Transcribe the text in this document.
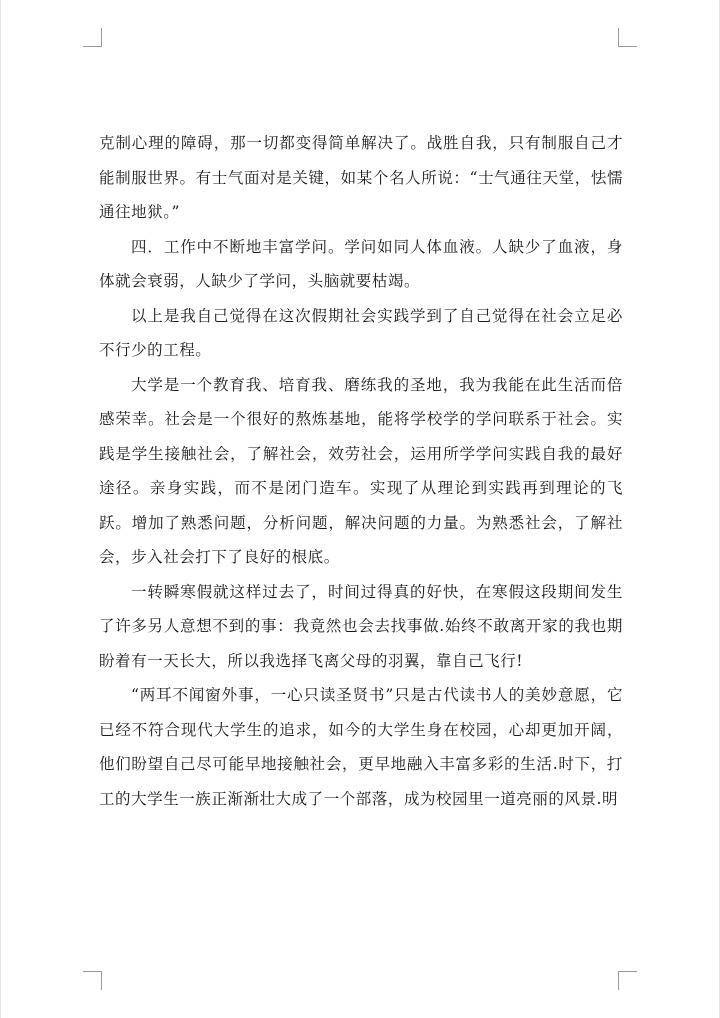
克制心理的障碍，那一切都变得简单解决了。战胜自我，只有制服自己才能制服世界。有士气面对是关键，如某个名人所说：“士气通往天堂，怯懦通往地狱。”

四．工作中不断地丰富学问。学问如同人体血液。人缺少了血液，身体就会衰弱，人缺少了学问，头脑就要枯竭。

以上是我自己觉得在这次假期社会实践学到了自己觉得在社会立足必不行少的工程。

大学是一个教育我、培育我、磨练我的圣地，我为我能在此生活而倍感荣幸。社会是一个很好的熬炼基地，能将学校学的学问联系于社会。实践是学生接触社会，了解社会，效劳社会，运用所学学问实践自我的最好途径。亲身实践，而不是闭门造车。实现了从理论到实践再到理论的飞跃。增加了熟悉问题，分析问题，解决问题的力量。为熟悉社会，了解社会，步入社会打下了良好的根底。

一转瞬寒假就这样过去了，时间过得真的好快，在寒假这段期间发生了许多另人意想不到的事：我竟然也会去找事做.始终不敢离开家的我也期盼着有一天长大，所以我选择飞离父母的羽翼，靠自己飞行!

“两耳不闻窗外事，一心只读圣贤书”只是古代读书人的美妙意愿，它已经不符合现代大学生的追求，如今的大学生身在校园，心却更加开阔，他们盼望自己尽可能早地接触社会，更早地融入丰富多彩的生活.时下，打工的大学生一族正渐渐壮大成了一个部落，成为校园里一道亮丽的风景.明
